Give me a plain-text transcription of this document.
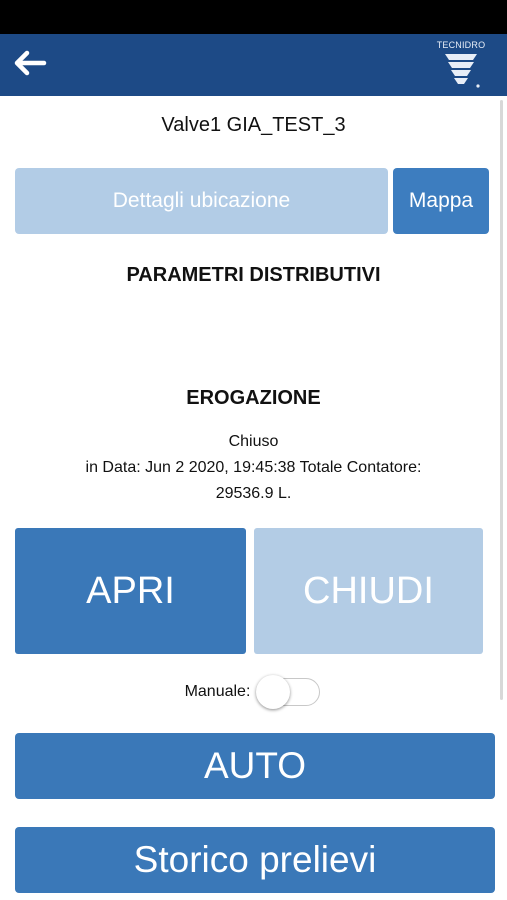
TECNIDRO
Valve1 GIA_TEST_3
Dettagli ubicazione	Mappa
PARAMETRI DISTRIBUTIVI
EROGAZIONE
Chiuso
in Data: Jun 2 2020, 19:45:38 Totale Contatore:
29536.9 L.
APRI	CHIUDI
Manuale:
AUTO
Storico prelievi
